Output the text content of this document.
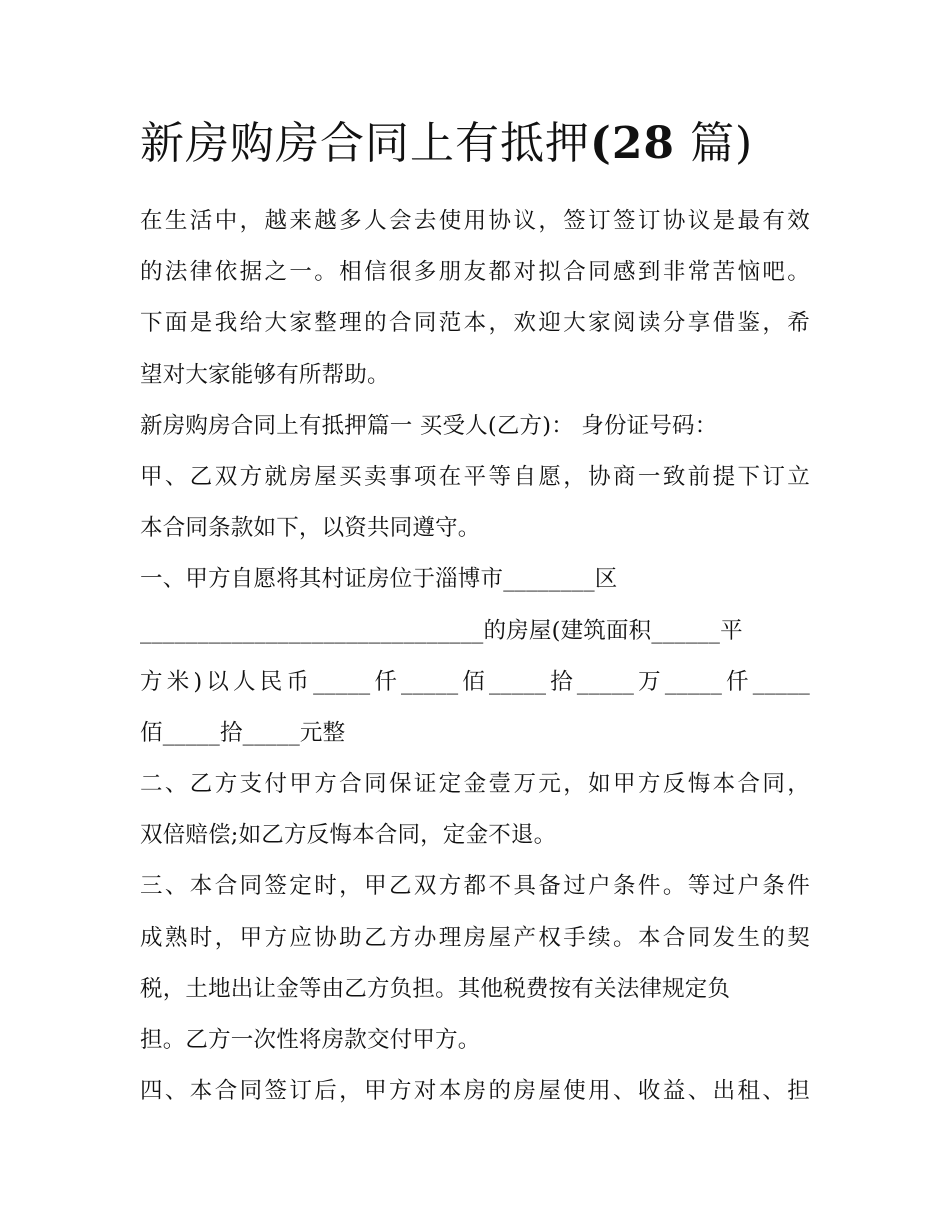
新房购房合同上有抵押(28 篇)
在生活中，越来越多人会去使用协议，签订签订协议是最有效
的法律依据之一。相信很多朋友都对拟合同感到非常苦恼吧。
下面是我给大家整理的合同范本，欢迎大家阅读分享借鉴，希
望对大家能够有所帮助。
新房购房合同上有抵押篇一 买受人(乙方)： 身份证号码：
甲、乙双方就房屋买卖事项在平等自愿，协商一致前提下订立
本合同条款如下，以资共同遵守。
一、甲方自愿将其村证房位于淄博市________区
______________________________的房屋(建筑面积______平
方米)以人民币_____仟_____佰_____拾_____万_____仟_____
佰_____拾_____元整
二、乙方支付甲方合同保证定金壹万元，如甲方反悔本合同，
双倍赔偿;如乙方反悔本合同，定金不退。
三、本合同签定时，甲乙双方都不具备过户条件。等过户条件
成熟时，甲方应协助乙方办理房屋产权手续。本合同发生的契
税，土地出让金等由乙方负担。其他税费按有关法律规定负
担。乙方一次性将房款交付甲方。
四、本合同签订后，甲方对本房的房屋使用、收益、出租、担
